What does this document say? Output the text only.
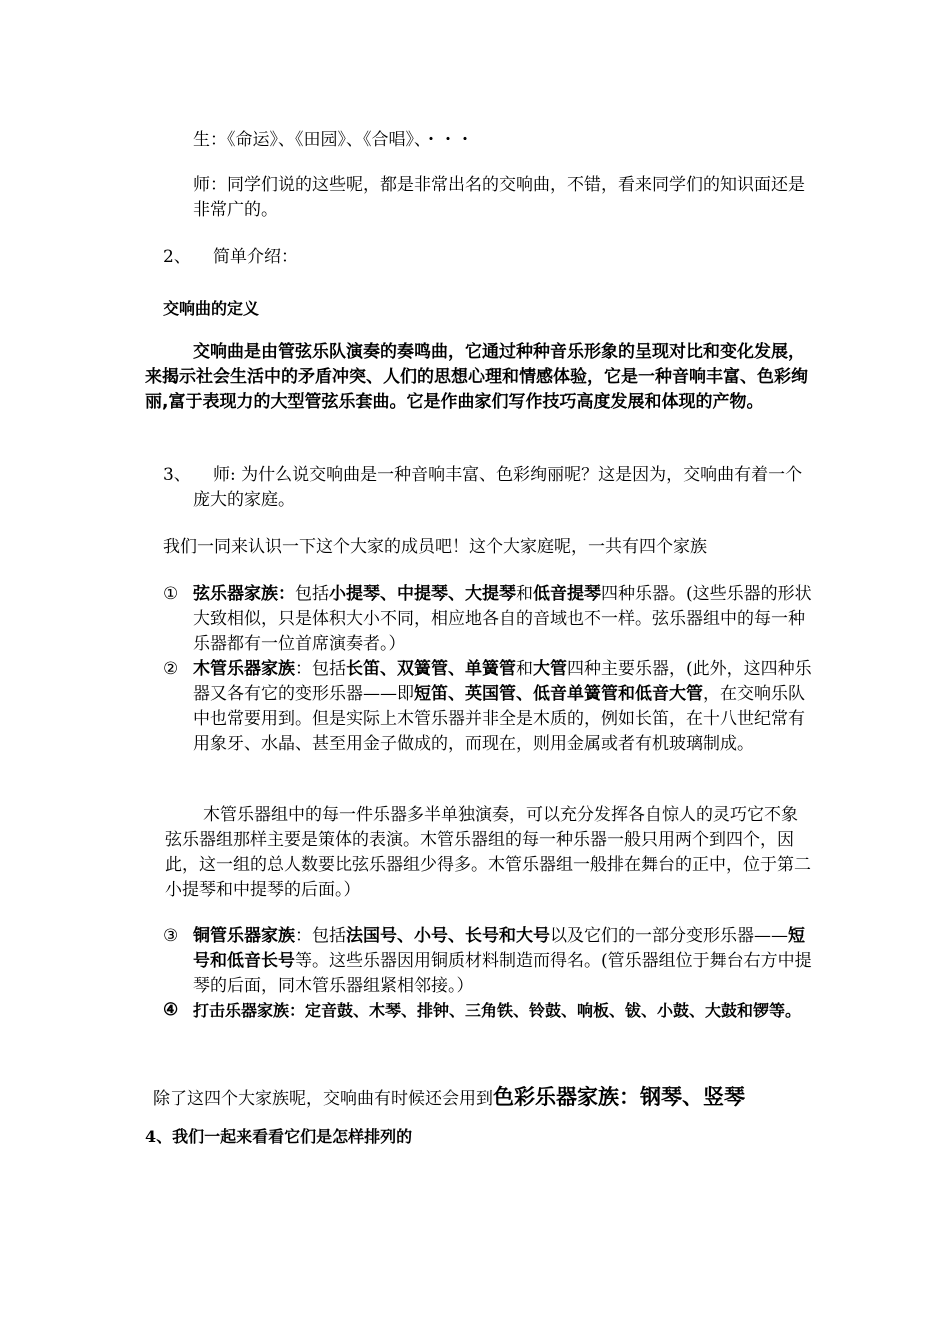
生：《命运》、《田园》、《合唱》、・・・
师：同学们说的这些呢，都是非常出名的交响曲，不错，看来同学们的知识面还是非常广的。
2、 简单介绍：
交响曲的定义
交响曲是由管弦乐队演奏的奏鸣曲，它通过种种音乐形象的呈现对比和变化发展，来揭示社会生活中的矛盾冲突、人们的思想心理和情感体验，它是一种音响丰富、色彩绚丽,富于表现力的大型管弦乐套曲。它是作曲家们写作技巧高度发展和体现的产物。
3、	师: 为什么说交响曲是一种音响丰富、色彩绚丽呢？这是因为，交响曲有着一个庞大的家庭。
我们一同来认识一下这个大家的成员吧！这个大家庭呢，一共有四个家族
① 弦乐器家族：包括小提琴、中提琴、大提琴和低音提琴四种乐器。(这些乐器的形状大致相似，只是体积大小不同，相应地各自的音域也不一样。弦乐器组中的每一种乐器都有一位首席演奏者。）
② 木管乐器家族：包括长笛、双簧管、单簧管和大管四种主要乐器，(此外，这四种乐器又各有它的变形乐器——即短笛、英国管、低音单簧管和低音大管，在交响乐队中也常要用到。但是实际上木管乐器并非全是木质的，例如长笛，在十八世纪常有用象牙、水晶、甚至用金子做成的，而现在，则用金属或者有机玻璃制成。
木管乐器组中的每一件乐器多半单独演奏，可以充分发挥各自惊人的灵巧它不象弦乐器组那样主要是策体的表演。木管乐器组的每一种乐器一般只用两个到四个，因此，这一组的总人数要比弦乐器组少得多。木管乐器组一般排在舞台的正中，位于第二小提琴和中提琴的后面。）
③ 铜管乐器家族：包括法国号、小号、长号和大号以及它们的一部分变形乐器——短号和低音长号等。这些乐器因用铜质材料制造而得名。(管乐器组位于舞台右方中提琴的后面，同木管乐器组紧相邻接。）
④ 打击乐器家族：定音鼓、木琴、排钟、三角铁、铃鼓、响板、钹、小鼓、大鼓和锣等。
除了这四个大家族呢，交响曲有时候还会用到色彩乐器家族：钢琴、竖琴
4、我们一起来看看它们是怎样排列的
